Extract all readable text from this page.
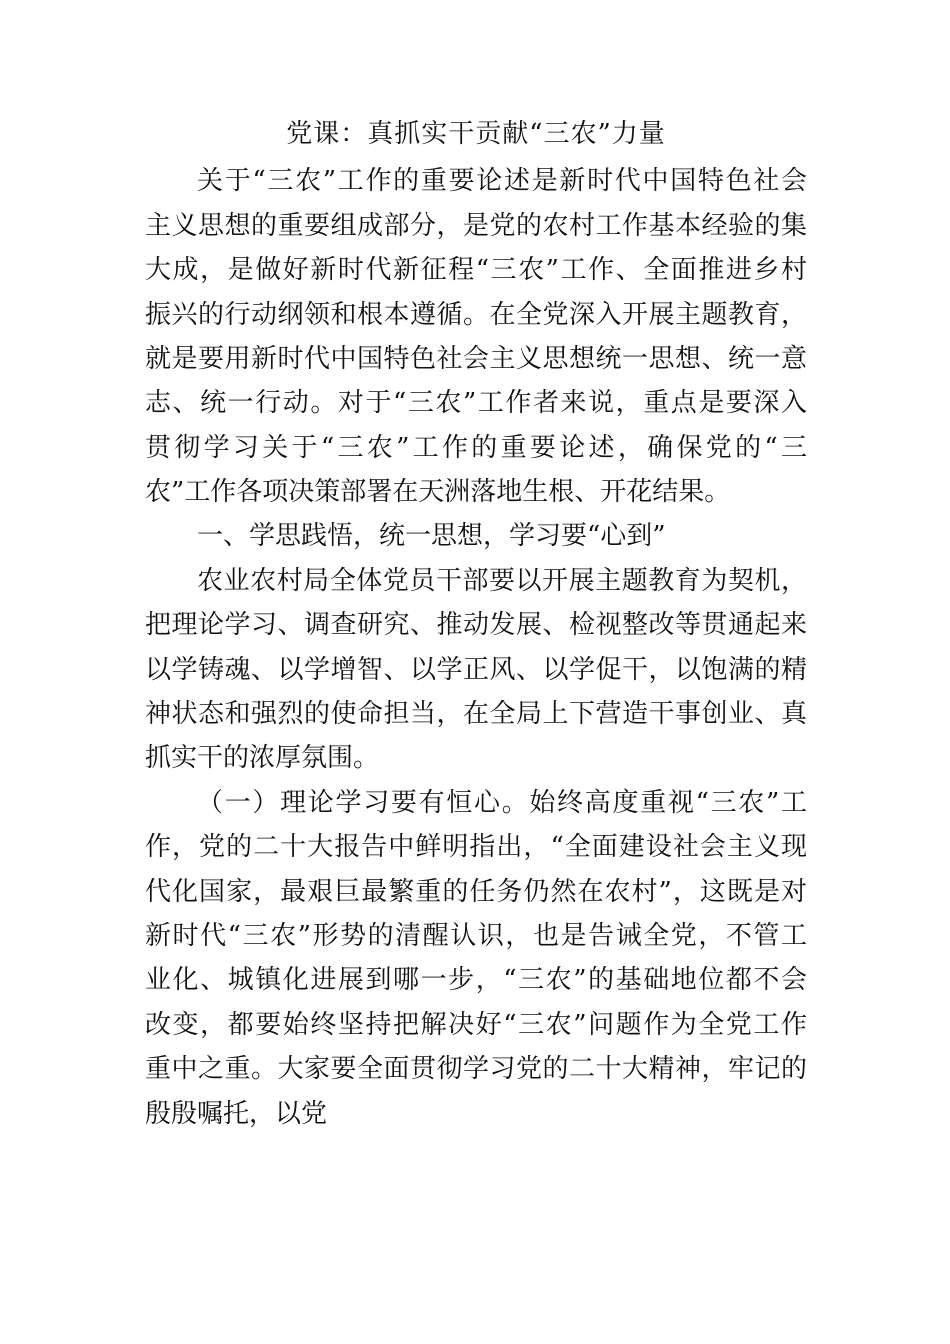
党课：真抓实干贡献“三农”力量
关于“三农”工作的重要论述是新时代中国特色社会
主义思想的重要组成部分，是党的农村工作基本经验的集
大成，是做好新时代新征程“三农”工作、全面推进乡村
振兴的行动纲领和根本遵循。在全党深入开展主题教育，
就是要用新时代中国特色社会主义思想统一思想、统一意
志、统一行动。对于“三农”工作者来说，重点是要深入
贯彻学习关于“三农”工作的重要论述，确保党的“三
农”工作各项决策部署在天洲落地生根、开花结果。
一、学思践悟，统一思想，学习要“心到”
农业农村局全体党员干部要以开展主题教育为契机，
把理论学习、调查研究、推动发展、检视整改等贯通起来
以学铸魂、以学增智、以学正风、以学促干，以饱满的精
神状态和强烈的使命担当，在全局上下营造干事创业、真
抓实干的浓厚氛围。
（一）理论学习要有恒心。始终高度重视“三农”工
作，党的二十大报告中鲜明指出，“全面建设社会主义现
代化国家，最艰巨最繁重的任务仍然在农村”，这既是对
新时代“三农”形势的清醒认识，也是告诫全党，不管工
业化、城镇化进展到哪一步，“三农”的基础地位都不会
改变，都要始终坚持把解决好“三农”问题作为全党工作
重中之重。大家要全面贯彻学习党的二十大精神，牢记的
殷殷嘱托，以党
